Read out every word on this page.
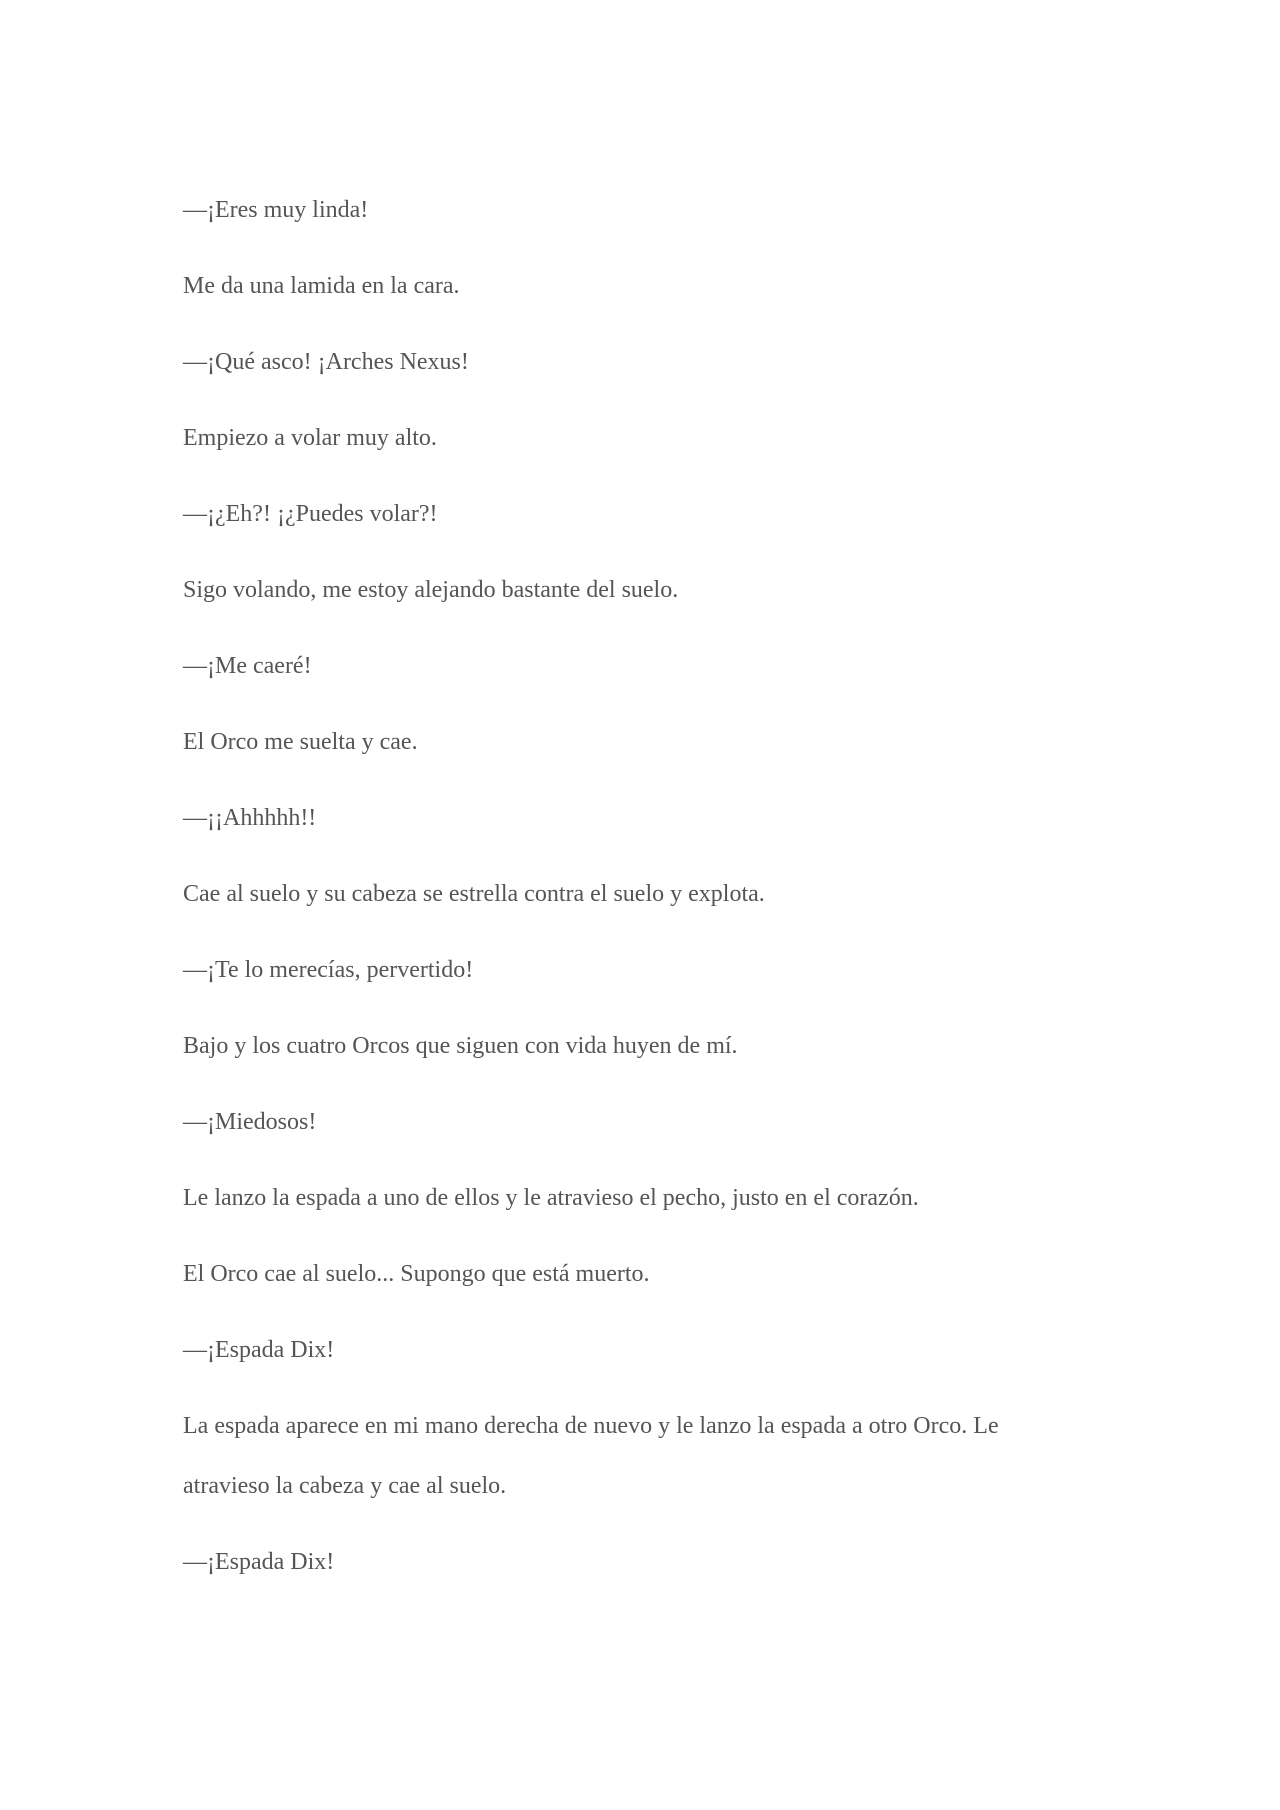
—¡Eres muy linda!

Me da una lamida en la cara.

—¡Qué asco! ¡Arches Nexus!

Empiezo a volar muy alto.

—¡¿Eh?! ¡¿Puedes volar?!

Sigo volando, me estoy alejando bastante del suelo.

—¡Me caeré!

El Orco me suelta y cae.

—¡¡Ahhhhh!!

Cae al suelo y su cabeza se estrella contra el suelo y explota.

—¡Te lo merecías, pervertido!

Bajo y los cuatro Orcos que siguen con vida huyen de mí.

—¡Miedosos!

Le lanzo la espada a uno de ellos y le atravieso el pecho, justo en el corazón.

El Orco cae al suelo... Supongo que está muerto.

—¡Espada Dix!

La espada aparece en mi mano derecha de nuevo y le lanzo la espada a otro Orco. Le atravieso la cabeza y cae al suelo.

—¡Espada Dix!
